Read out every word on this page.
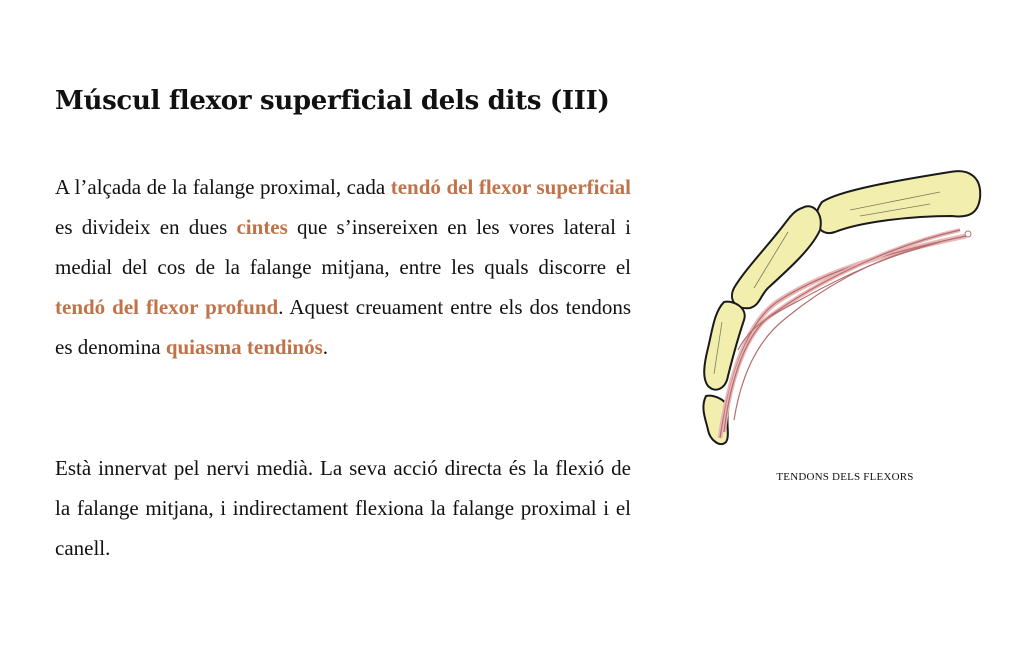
Múscul flexor superficial dels dits (III)

A l’alçada de la falange proximal, cada tendó del flexor superficial es divideix en dues cintes que s’insereixen en les vores lateral i medial del cos de la falange mitjana, entre les quals discorre el tendó del flexor profund. Aquest creuament entre els dos tendons es denomina quiasma tendinós.

Està innervat pel nervi medià. La seva acció directa és la flexió de la falange mitjana, i indirectament flexiona la falange proximal i el canell.

TENDONS DELS FLEXORS
